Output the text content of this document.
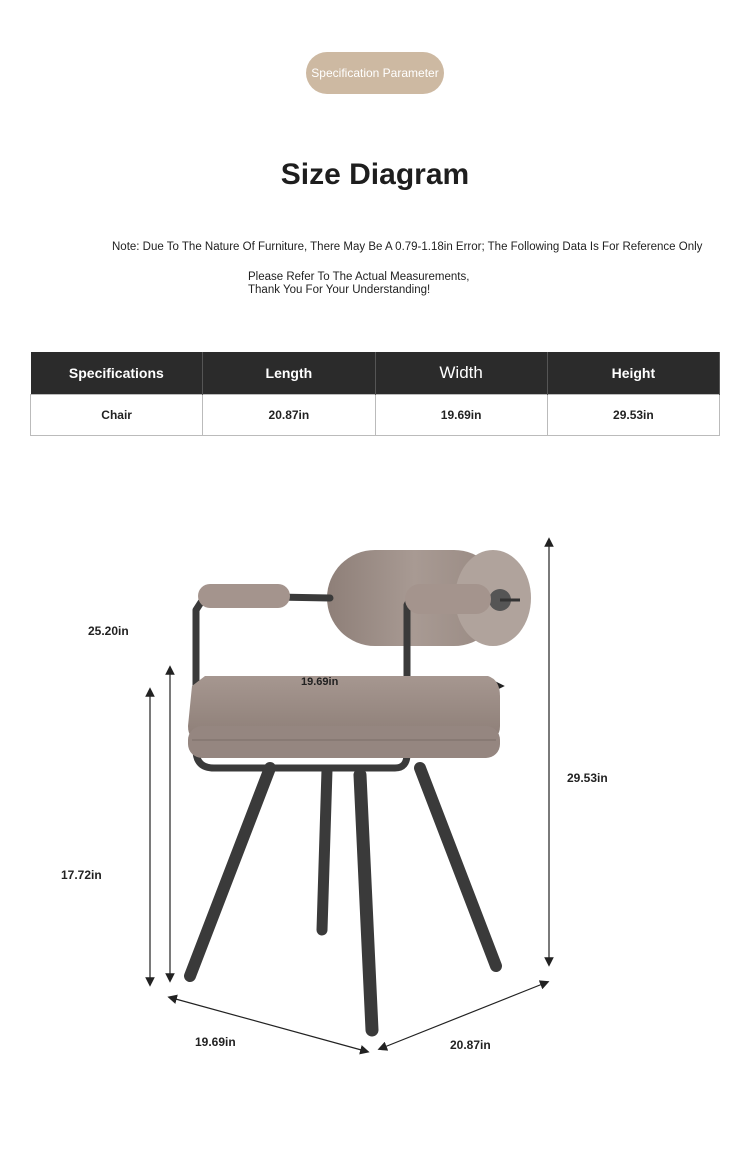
Specification Parameter
Size Diagram
Note: Due To The Nature Of Furniture, There May Be A 0.79-1.18in Error; The Following Data Is For Reference Only
Please Refer To The Actual Measurements,
Thank You For Your Understanding!
Specifications	Length	Width	Height
Chair	20.87in	19.69in	29.53in
25.20in
17.72in
29.53in
19.69in
19.69in	20.87in
